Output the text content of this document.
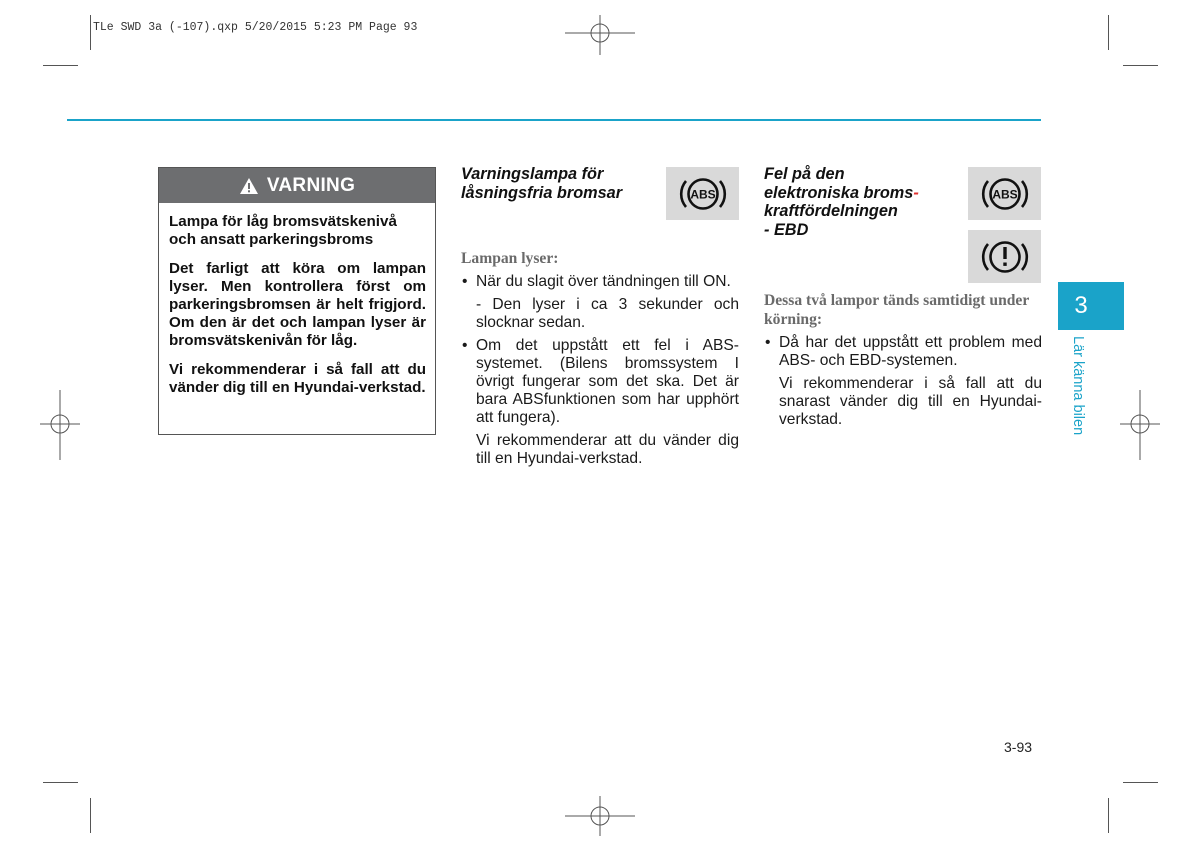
TLe SWD 3a (-107).qxp 5/20/2015 5:23 PM Page 93
VARNING

Lampa för låg bromsvätskenivå och ansatt parkeringsbroms

Det farligt att köra om lampan lyser. Men kontrollera först om parkeringsbromsen är helt frigjord. Om den är det och lampan lyser är bromsvätskenivån för låg.

Vi rekommenderar i så fall att du vänder dig till en Hyundai-verkstad.

Varningslampa för
låsningsfria bromsar	ABS
Lampan lyser:

• När du slagit över tändningen till ON.

- Den lyser i ca 3 sekunder och slocknar sedan.

• Om det uppstått ett fel i ABS-systemet. (Bilens bromssystem I övrigt fungerar som det ska. Det är bara ABSfunktionen som har upphört att fungera).

Vi rekommenderar att du vänder dig till en Hyundai-verkstad.

Fel på den
elektroniska broms-
kraftfördelningen
- EBD
ABS
Dessa två lampor tänds samtidigt under körning:

• Då har det uppstått ett problem med ABS- och EBD-systemen.

Vi rekommenderar i så fall att du snarast vänder dig till en Hyundai-verkstad.

3
Lär känna bilen
3-93
